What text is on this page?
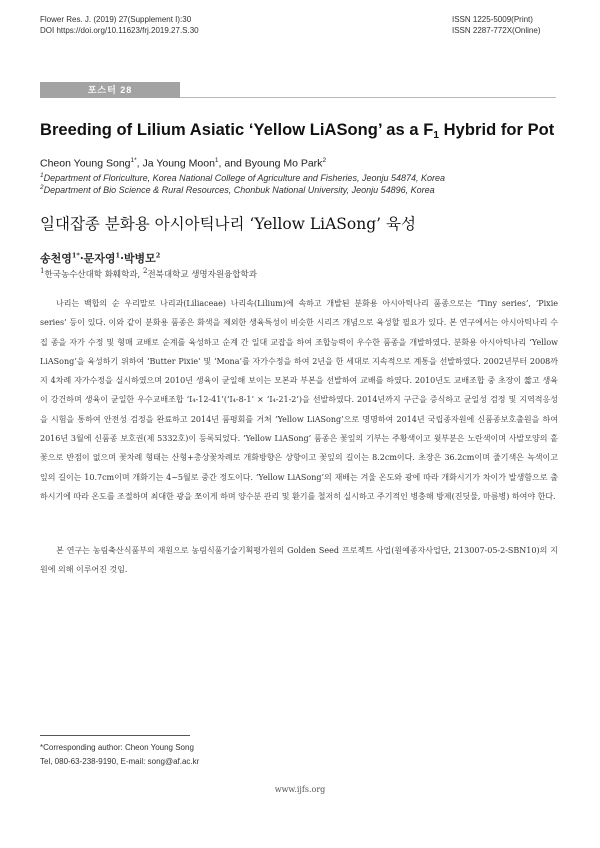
Flower Res. J. (2019) 27(Supplement I):30
DOI https://doi.org/10.11623/frj.2019.27.S.30
ISSN 1225-5009(Print)
ISSN 2287-772X(Online)
포스터 28
Breeding of Lilium Asiatic ‘Yellow LiASong’ as a $F_1$ Hybrid for Pot
Cheon Young Song$^{1*}$, Ja Young Moon$^1$, and Byoung Mo Park$^2$
$^1$Department of Floriculture, Korea National College of Agriculture and Fisheries, Jeonju 54874, Korea
$^2$Department of Bio Science & Rural Resources, Chonbuk National University, Jeonju 54896, Korea
일대잡종 분화용 아시아틱나리 ‘Yellow LiASong’ 육성
송천영$^{1*}$·문자영$^1$·박병모$^2$
$^1$한국농수산대학 화훼학과, $^2$전북대학교 생명자원융합학과

나리는 백합의 순 우리말로 나리과(Liliaceae) 나리속(Lilium)에 속하고 개발된 분화용 아시아틱나리 품종으로는 ‘Tiny series’, ‘Pixie series’ 등이 있다. 이와 같이 분화용 품종은 화색을 제외한 생육특성이 비슷한 시리즈 개념으로 육성할 필요가 있다. 본 연구에서는 아시아틱나리 수집 종을 자가 수정 및 형매 교배로 순계를 육성하고 순계 간 일대 교잡을 하여 조합능력이 우수한 품종을 개발하였다. 분화용 아시아틱나리 ‘Yellow LiASong’을 육성하기 위하여 ‘Butter Pixie’ 및 ‘Mona’를 자가수정을 하여 2년을 한 세대로 지속적으로 계통을 선발하였다. 2002년부터 2008까지 4차례 자가수정을 실시하였으며 2010년 생육이 균일해 보이는 모본과 부본을 선발하여 교배를 하였다. 2010년도 교배조합 중 초장이 짧고 생육이 강건하며 생육이 균일한 우수교배조합 ‘I₄-12-41’(‘I₄-8-1’ × ‘I₄-21-2’)을 선발하였다. 2014년까지 구근을 증식하고 균일성 검정 및 지역적응성을 시험을 통하여 안전성 검정을 완료하고 2014년 품평회를 거쳐 ‘Yellow LiASong’으로 명명하여 2014년 국립종자원에 신품종보호출원을 하여 2016년 3월에 신품종 보호권(제 5332호)이 등록되었다. ‘Yellow LiASong’ 품종은 꽃잎의 기부는 주황색이고 윗부분은 노란색이며 사발모양의 홑꽃으로 반점이 없으며 꽃차례 형태는 산형+총상꽃차례로 개화방향은 상향이고 꽃잎의 길이는 8.2cm이다. 초장은 36.2cm이며 줄기색은 녹색이고 잎의 길이는 10.7cm이며 개화기는 4~5월로 중간 정도이다. ‘Yellow LiASong’의 재배는 겨울 온도와 광에 따라 개화시기가 차이가 발생함으로 출하시기에 따라 온도를 조절하며 최대한 광을 쪼이게 하며 양수분 관리 및 환기를 철저히 실시하고 주기적인 병충해 방제(진딧물, 마름병) 하여야 한다.

본 연구는 농림축산식품부의 재원으로 농림식품기술기획평가원의 Golden Seed 프로젝트 사업(원예종자사업단, 213007-05-2-SBN10)의 지원에 의해 이루어진 것임.

*Corresponding author: Cheon Young Song
Tel, 080-63-238-9190, E-mail: song@af.ac.kr
www.ijfs.org
